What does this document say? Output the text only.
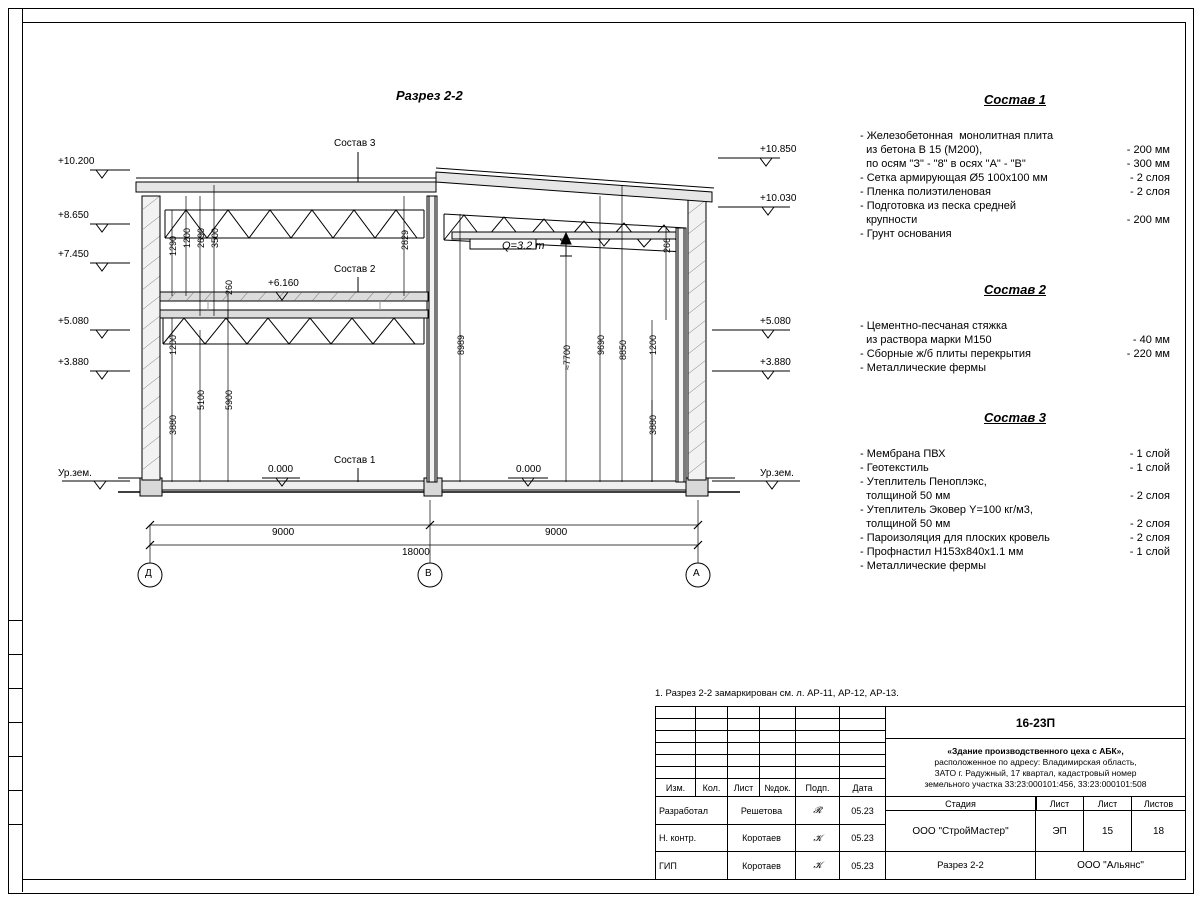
Разрез 2-2
Состав 3
Состав 2
Состав 1
+10.200
+8.650
+7.450
+5.080
+3.880
Ур.зем.	0.000
+6.160
+10.850
+10.030
+5.080
+3.880
Ур.зем.
0.000
Q=3.2 т
1290 1200 2690 3500
260
1200
3880
5100 5900
2829
8989	≈7700
266
9690 8850 1200
3880
9000	9000
18000
Д	В	А
Состав 1
- Железобетонная  монолитная плита
из бетона В 15 (М200),	- 200 мм
по осям "З" - "8" в осях "А" - "В"	- 300 мм
- Сетка армирующая Ø5 100х100 мм	- 2 слоя
- Пленка полиэтиленовая	- 2 слоя
- Подготовка из песка средней
крупности	- 200 мм
- Грунт основания
Состав 2
- Цементно-песчаная стяжка
из раствора марки М150	- 40 мм
- Сборные ж/б плиты перекрытия	- 220 мм
- Металлические фермы
Состав 3
- Мембрана ПВХ	- 1 слой
- Геотекстиль	- 1 слой
- Утеплитель Пеноплэкс,
толщиной 50 мм	- 2 слоя
- Утеплитель Эковер Y=100 кг/м3,
толщиной 50 мм	- 2 слоя
- Пароизоляция для плоских кровель	- 2 слоя
- Профнастил Н153х840х1.1 мм	- 1 слой
- Металлические фермы
1. Разрез 2-2 замаркирован см. л. АР-11, АР-12, АР-13.
Изм.	Кол.	Лист	№док.	Подп.	Дата
Разработал	Решетова	𝓡	05.23
Н. контр.	Коротаев	𝓚	05.23
ГИП	Коротаев	𝓚	05.23
16-23П
«Здание производственного цеха с АБК»,
расположенное по адресу: Владимирская область,
ЗАТО г. Радужный, 17 квартал, кадастровый номер
земельного участка 33:23:000101:456, 33:23:000101:508
Стадия	Лист	Лист	Листов
ООО "СтройМастер"	ЭП	15	18
Разрез 2-2	ООО "Альянс"
